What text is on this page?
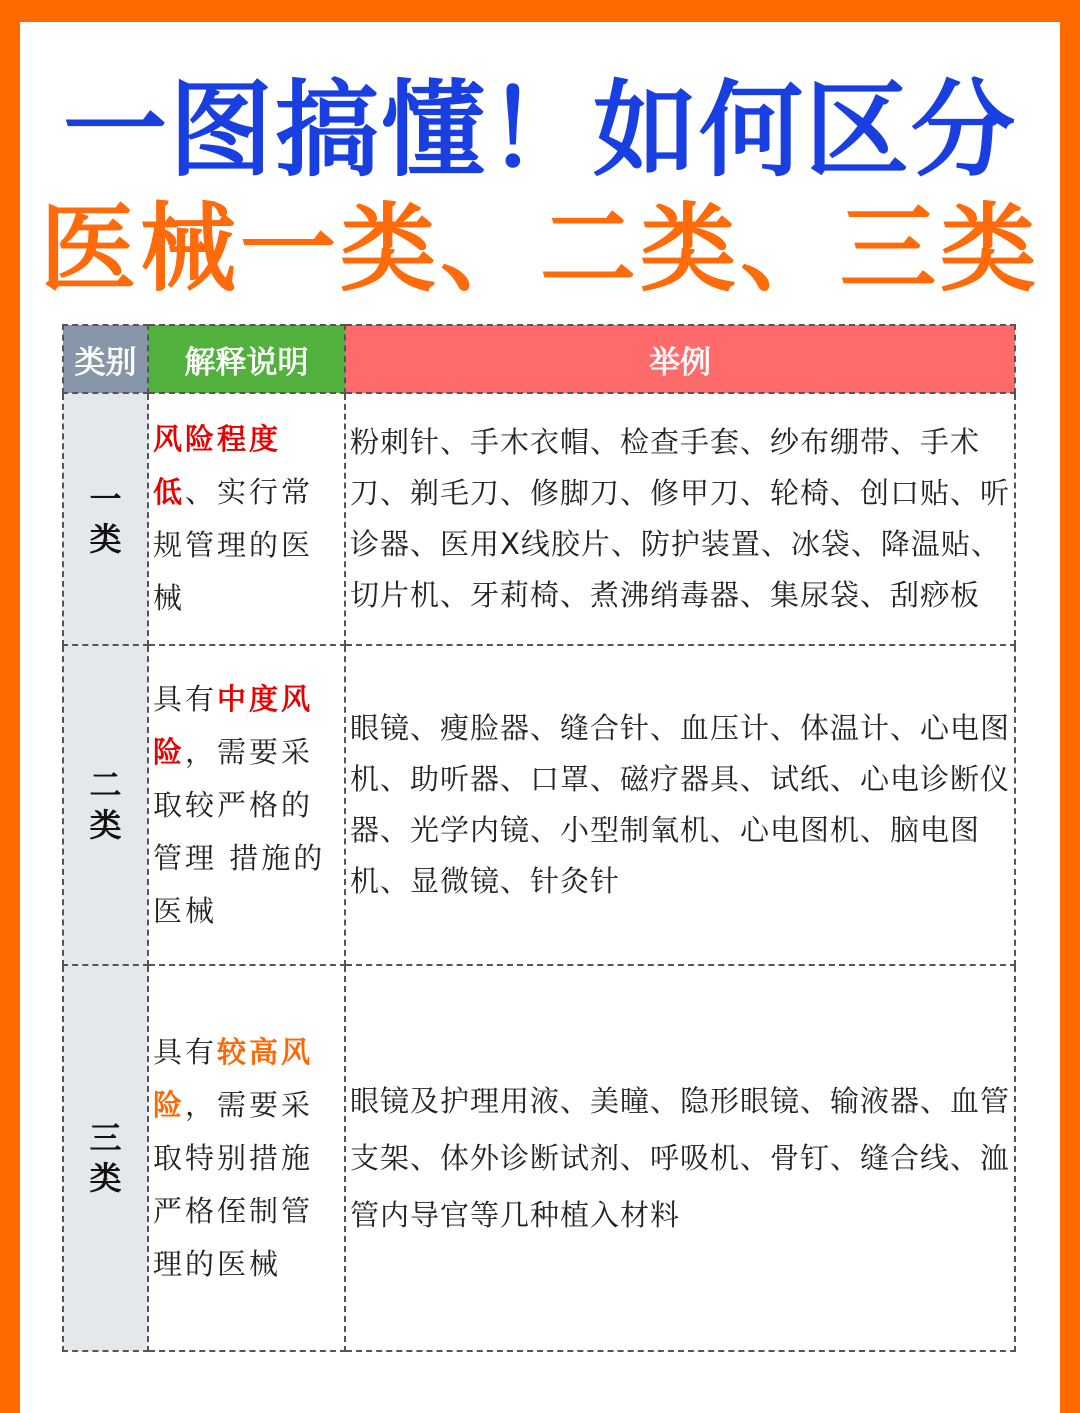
一图搞懂！如何区分
医械一类、二类、三类
类别	解释说明	举例

一
类	风险程度低、实行常规管理的医械	粉刺针、手木衣帽、检查手套、纱布绷带、手术刀、剃毛刀、修脚刀、修甲刀、轮椅、创口贴、听诊器、医用X线胶片、防护装置、冰袋、降温贴、切片机、牙莉椅、煮沸绡毒器、集尿袋、刮痧板

二
类	具有中度风险，需要采取较严格的管理 措施的医械	眼镜、瘦脸器、缝合针、血压计、体温计、心电图机、助听器、口罩、磁疗器具、试纸、心电诊断仪器、光学内镜、小型制氧机、心电图机、脑电图机、显微镜、针灸针

三
类	具有较高风险，需要采取特别措施严格侄制管理的医械	眼镜及护理用液、美瞳、隐形眼镜、输液器、血管支架、体外诊断试剂、呼吸机、骨钉、缝合线、洫管内导官等几种植入材料
